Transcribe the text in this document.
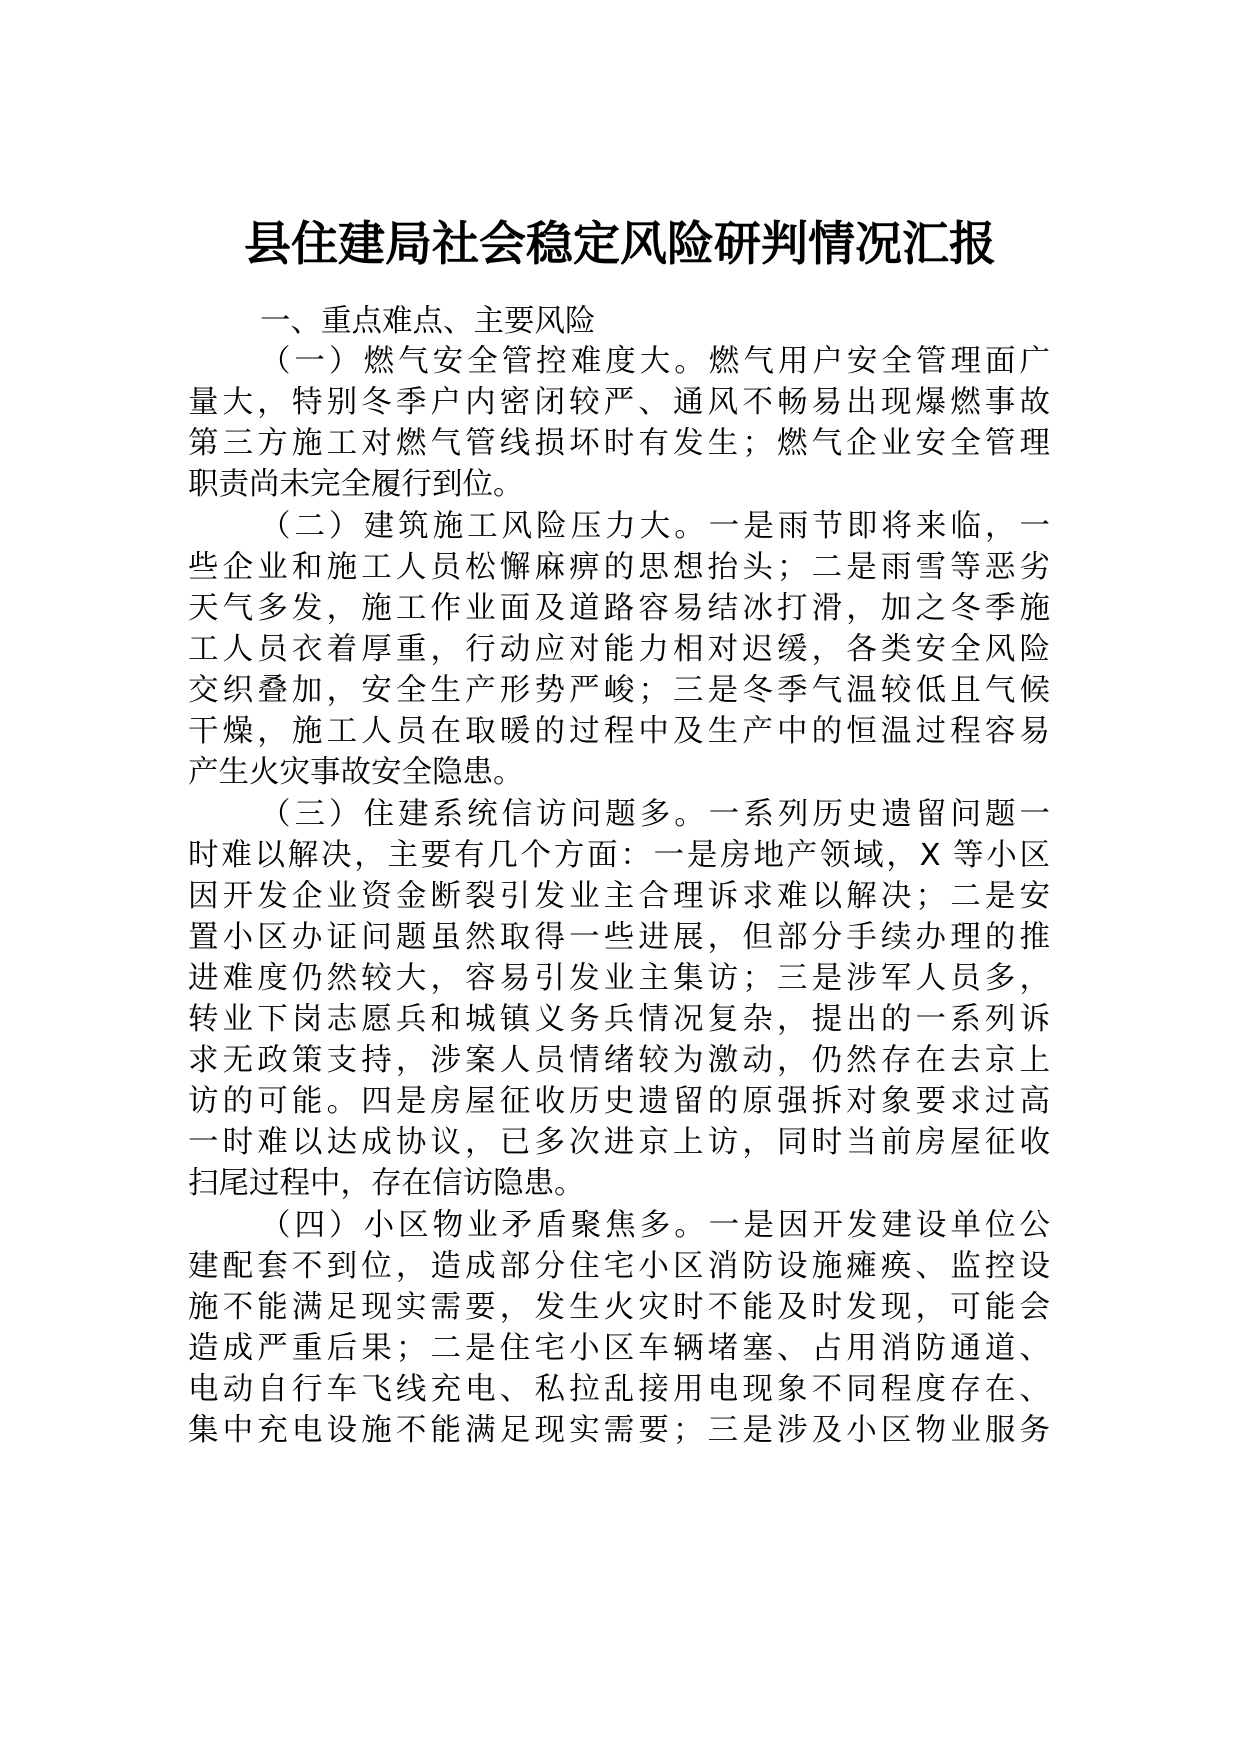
县住建局社会稳定风险研判情况汇报
一、重点难点、主要风险
（一）燃气安全管控难度大。燃气用户安全管理面广
量大，特别冬季户内密闭较严、通风不畅易出现爆燃事故
第三方施工对燃气管线损坏时有发生；燃气企业安全管理
职责尚未完全履行到位。
（二）建筑施工风险压力大。一是雨节即将来临，一
些企业和施工人员松懈麻痹的思想抬头；二是雨雪等恶劣
天气多发，施工作业面及道路容易结冰打滑，加之冬季施
工人员衣着厚重，行动应对能力相对迟缓，各类安全风险
交织叠加，安全生产形势严峻；三是冬季气温较低且气候
干燥，施工人员在取暖的过程中及生产中的恒温过程容易
产生火灾事故安全隐患。
（三）住建系统信访问题多。一系列历史遗留问题一
时难以解决，主要有几个方面：一是房地产领域，X 等小区
因开发企业资金断裂引发业主合理诉求难以解决；二是安
置小区办证问题虽然取得一些进展，但部分手续办理的推
进难度仍然较大，容易引发业主集访；三是涉军人员多，
转业下岗志愿兵和城镇义务兵情况复杂，提出的一系列诉
求无政策支持，涉案人员情绪较为激动，仍然存在去京上
访的可能。四是房屋征收历史遗留的原强拆对象要求过高
一时难以达成协议，已多次进京上访，同时当前房屋征收
扫尾过程中，存在信访隐患。
（四）小区物业矛盾聚焦多。一是因开发建设单位公
建配套不到位，造成部分住宅小区消防设施瘫痪、监控设
施不能满足现实需要，发生火灾时不能及时发现，可能会
造成严重后果；二是住宅小区车辆堵塞、占用消防通道、
电动自行车飞线充电、私拉乱接用电现象不同程度存在、
集中充电设施不能满足现实需要；三是涉及小区物业服务
